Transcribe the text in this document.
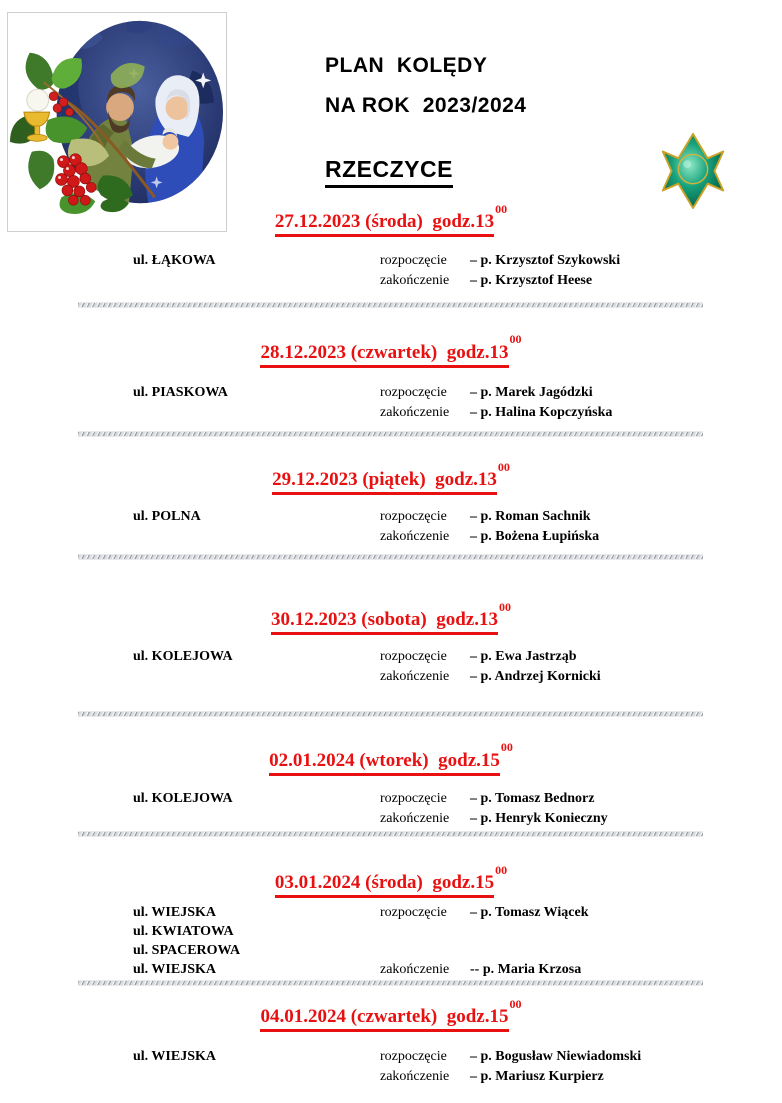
PLAN  KOLĘDY
NA ROK  2023/2024
RZECZYCE
27.12.2023 (środa)  $godz.13^{00}$
ul. ŁĄKOWA	rozpoczęcie	– p. Krzysztof Szykowski
zakończenie	– p. Krzysztof Heese
28.12.2023 (czwartek)  $godz.13^{00}$
ul. PIASKOWA	rozpoczęcie	– p. Marek Jagódzki
zakończenie	– p. Halina Kopczyńska
29.12.2023 (piątek)  $godz.13^{00}$
ul. POLNA	rozpoczęcie	– p. Roman Sachnik
zakończenie	– p. Bożena Łupińska
30.12.2023 (sobota)  $godz.13^{00}$
ul. KOLEJOWA	rozpoczęcie	– p. Ewa Jastrząb
zakończenie	– p. Andrzej Kornicki
02.01.2024 (wtorek)  $godz.15^{00}$
ul. KOLEJOWA	rozpoczęcie	– p. Tomasz Bednorz
zakończenie	– p. Henryk Konieczny
03.01.2024 (środa)  $godz.15^{00}$
ul. WIEJSKA	rozpoczęcie	– p. Tomasz Wiącek
ul. KWIATOWA
ul. SPACEROWA
ul. WIEJSKA	zakończenie	-- p. Maria Krzosa
04.01.2024 (czwartek)  $godz.15^{00}$
ul. WIEJSKA	rozpoczęcie	– p. Bogusław Niewiadomski
zakończenie	– p. Mariusz Kurpierz
